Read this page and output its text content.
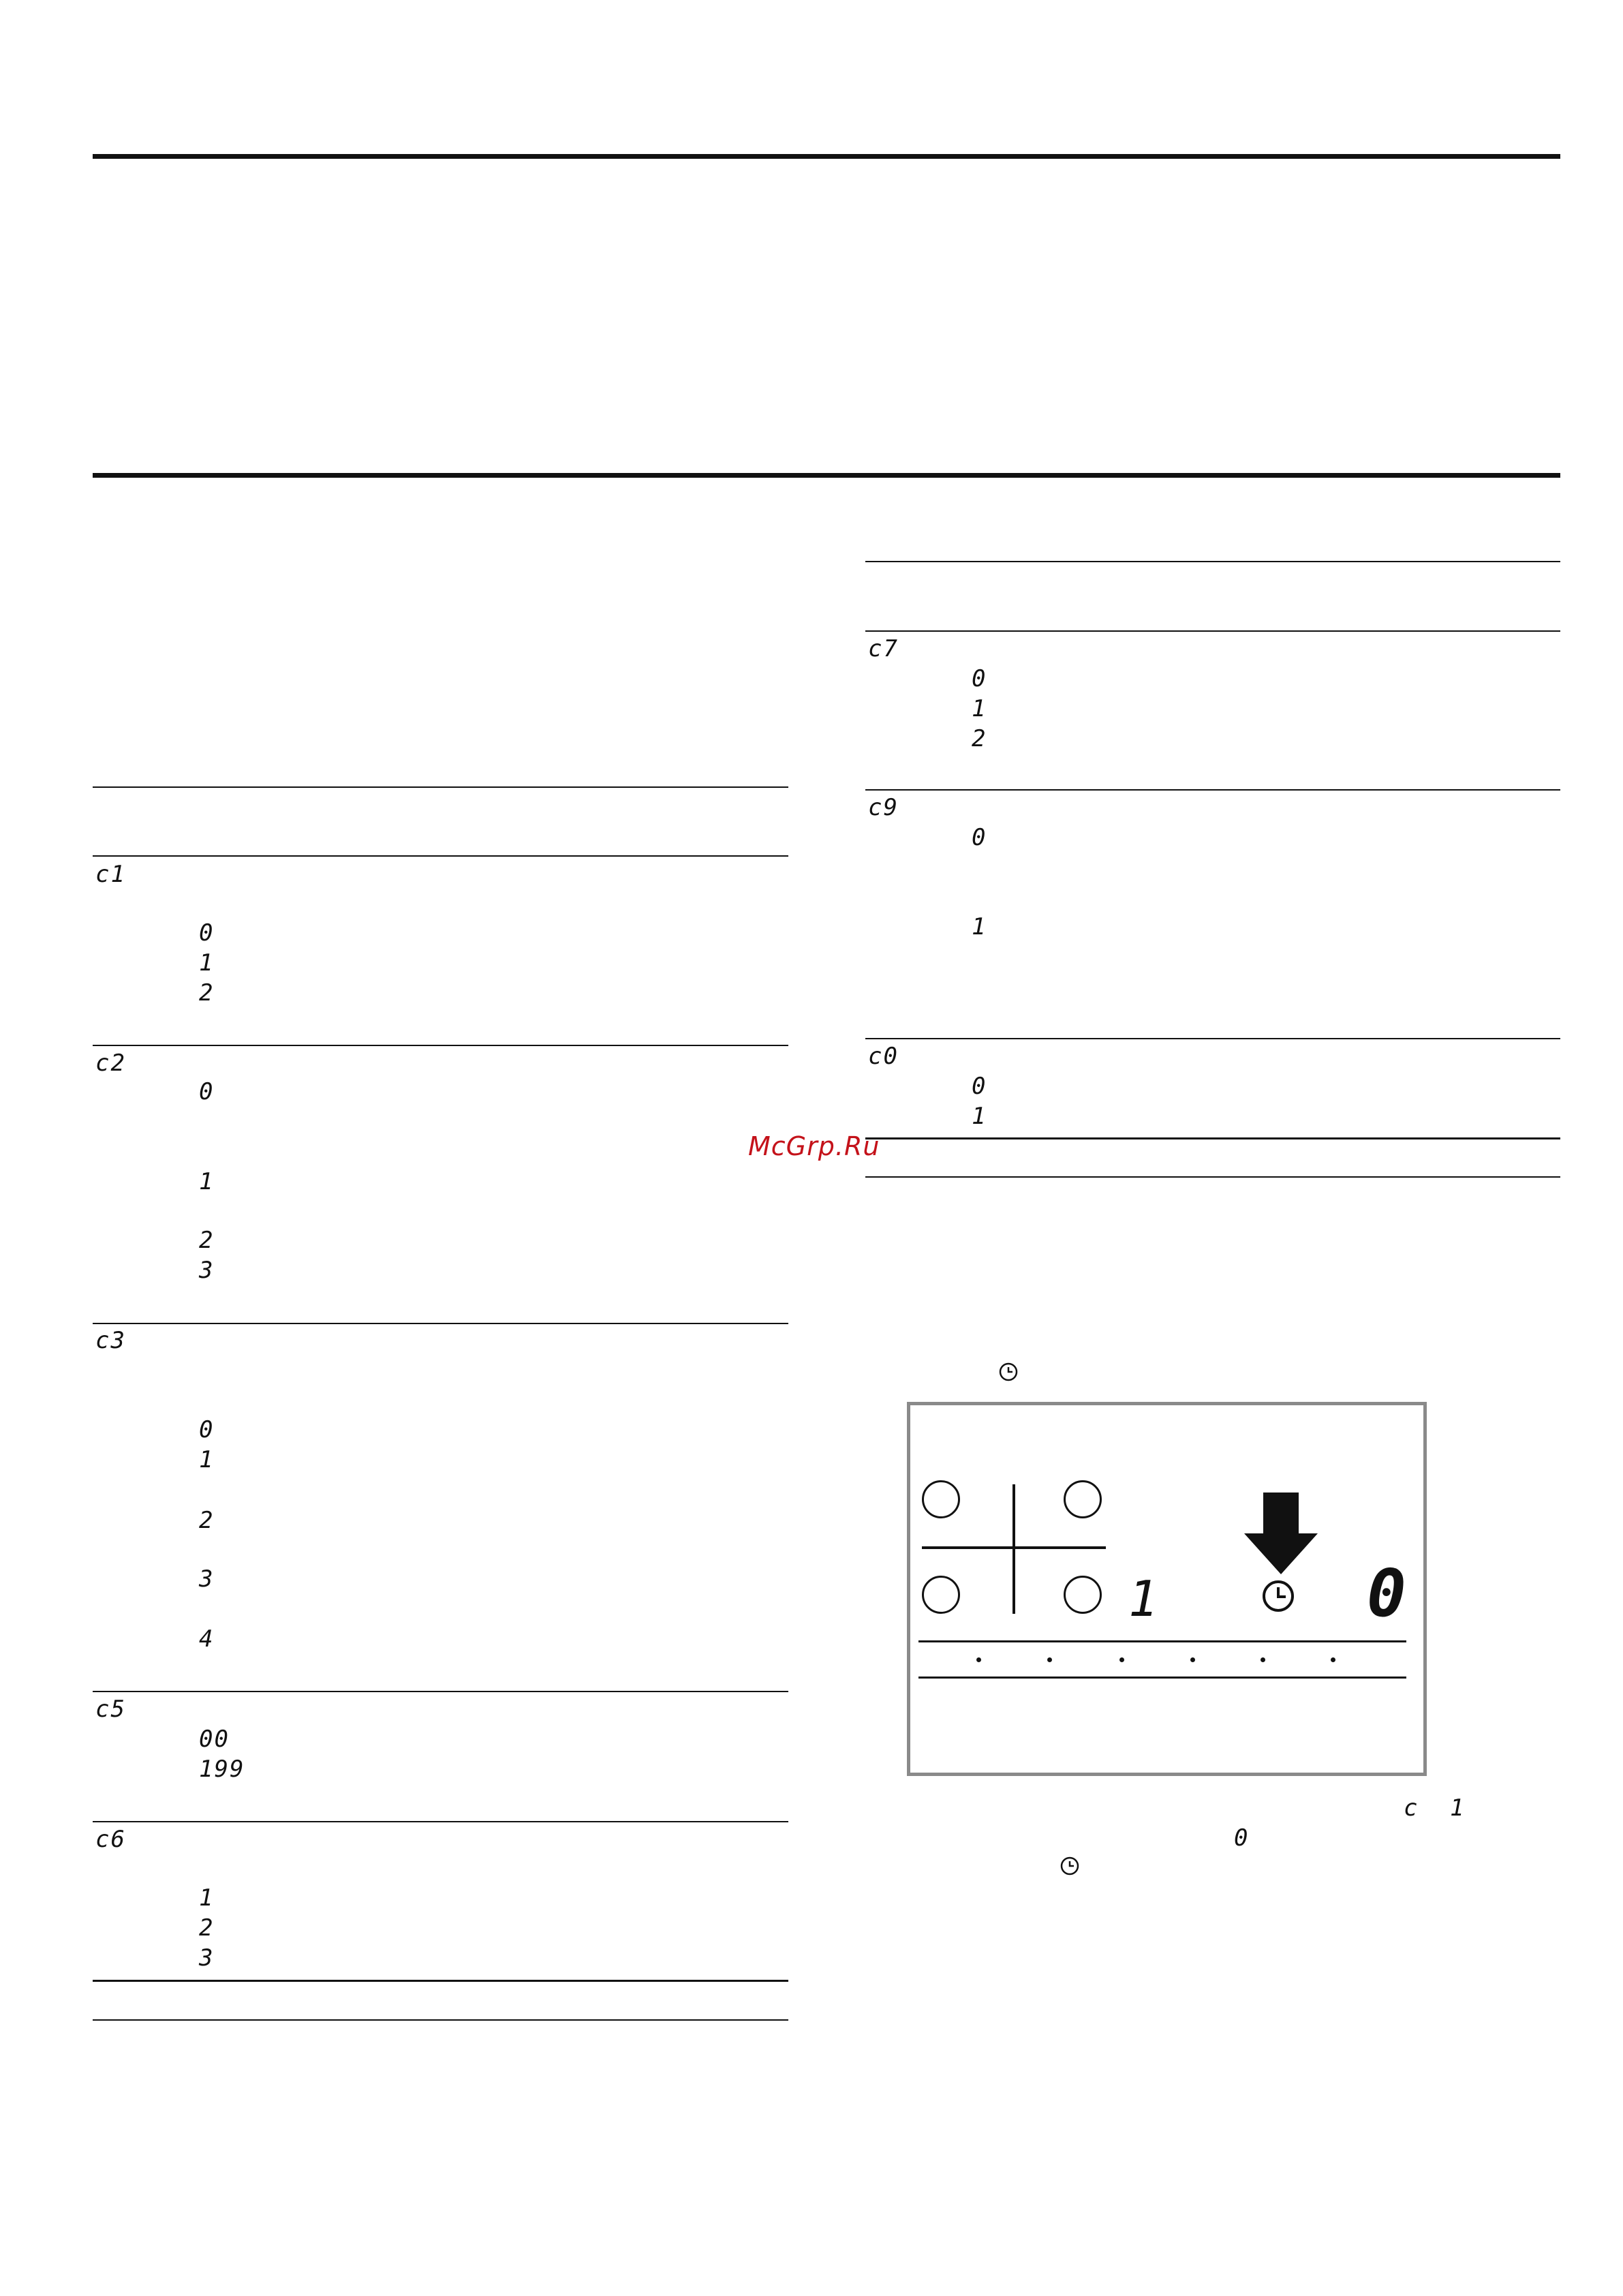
c1
0
1
2
c2
0
1
2
3
c3
0
1
2
3
4
c5
00
199
c6
1
2
3
c7
0
1
2
c9
0
1
c0
0
1
McGrp.Ru
1	0
c 1
0
